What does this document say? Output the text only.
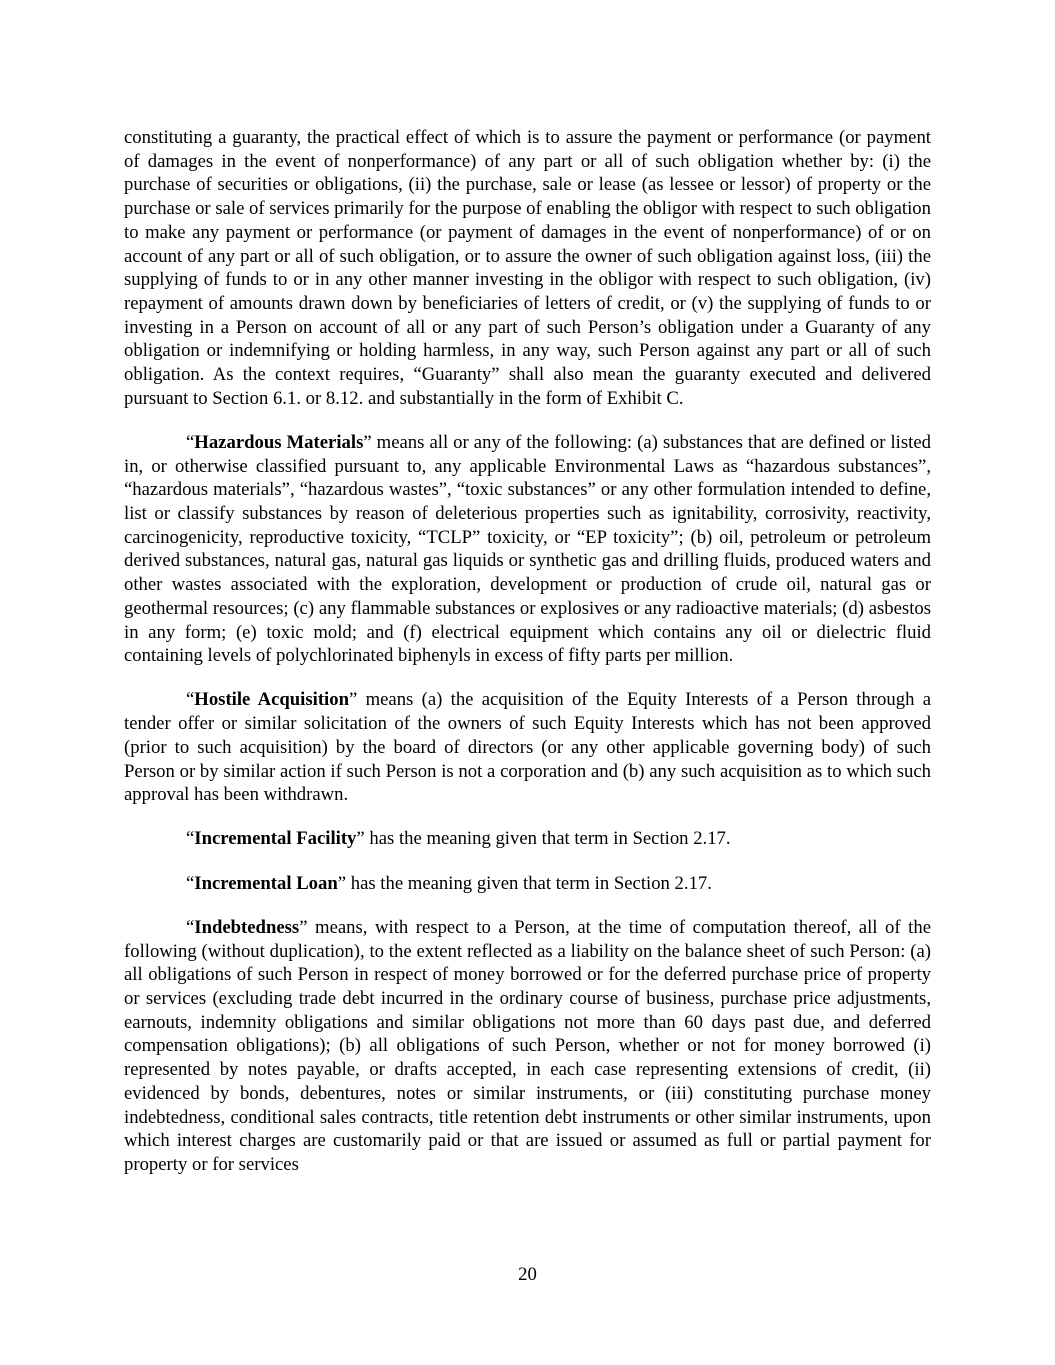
constituting a guaranty, the practical effect of which is to assure the payment or performance (or payment of damages in the event of nonperformance) of any part or all of such obligation whether by: (i) the purchase of securities or obligations, (ii) the purchase, sale or lease (as lessee or lessor) of property or the purchase or sale of services primarily for the purpose of enabling the obligor with respect to such obligation to make any payment or performance (or payment of damages in the event of nonperformance) of or on account of any part or all of such obligation, or to assure the owner of such obligation against loss, (iii) the supplying of funds to or in any other manner investing in the obligor with respect to such obligation, (iv) repayment of amounts drawn down by beneficiaries of letters of credit, or (v) the supplying of funds to or investing in a Person on account of all or any part of such Person’s obligation under a Guaranty of any obligation or indemnifying or holding harmless, in any way, such Person against any part or all of such obligation. As the context requires, “Guaranty” shall also mean the guaranty executed and delivered pursuant to Section 6.1. or 8.12. and substantially in the form of Exhibit C.

“Hazardous Materials” means all or any of the following: (a) substances that are defined or listed in, or otherwise classified pursuant to, any applicable Environmental Laws as “hazardous substances”, “hazardous materials”, “hazardous wastes”, “toxic substances” or any other formulation intended to define, list or classify substances by reason of deleterious properties such as ignitability, corrosivity, reactivity, carcinogenicity, reproductive toxicity, “TCLP” toxicity, or “EP toxicity”; (b) oil, petroleum or petroleum derived substances, natural gas, natural gas liquids or synthetic gas and drilling fluids, produced waters and other wastes associated with the exploration, development or production of crude oil, natural gas or geothermal resources; (c) any flammable substances or explosives or any radioactive materials; (d) asbestos in any form; (e) toxic mold; and (f) electrical equipment which contains any oil or dielectric fluid containing levels of polychlorinated biphenyls in excess of fifty parts per million.

“Hostile Acquisition” means (a) the acquisition of the Equity Interests of a Person through a tender offer or similar solicitation of the owners of such Equity Interests which has not been approved (prior to such acquisition) by the board of directors (or any other applicable governing body) of such Person or by similar action if such Person is not a corporation and (b) any such acquisition as to which such approval has been withdrawn.

“Incremental Facility” has the meaning given that term in Section 2.17.

“Incremental Loan” has the meaning given that term in Section 2.17.

“Indebtedness” means, with respect to a Person, at the time of computation thereof, all of the following (without duplication), to the extent reflected as a liability on the balance sheet of such Person: (a) all obligations of such Person in respect of money borrowed or for the deferred purchase price of property or services (excluding trade debt incurred in the ordinary course of business, purchase price adjustments, earnouts, indemnity obligations and similar obligations not more than 60 days past due, and deferred compensation obligations); (b) all obligations of such Person, whether or not for money borrowed (i) represented by notes payable, or drafts accepted, in each case representing extensions of credit, (ii) evidenced by bonds, debentures, notes or similar instruments, or (iii) constituting purchase money indebtedness, conditional sales contracts, title retention debt instruments or other similar instruments, upon which interest charges are customarily paid or that are issued or assumed as full or partial payment for property or for services

20
